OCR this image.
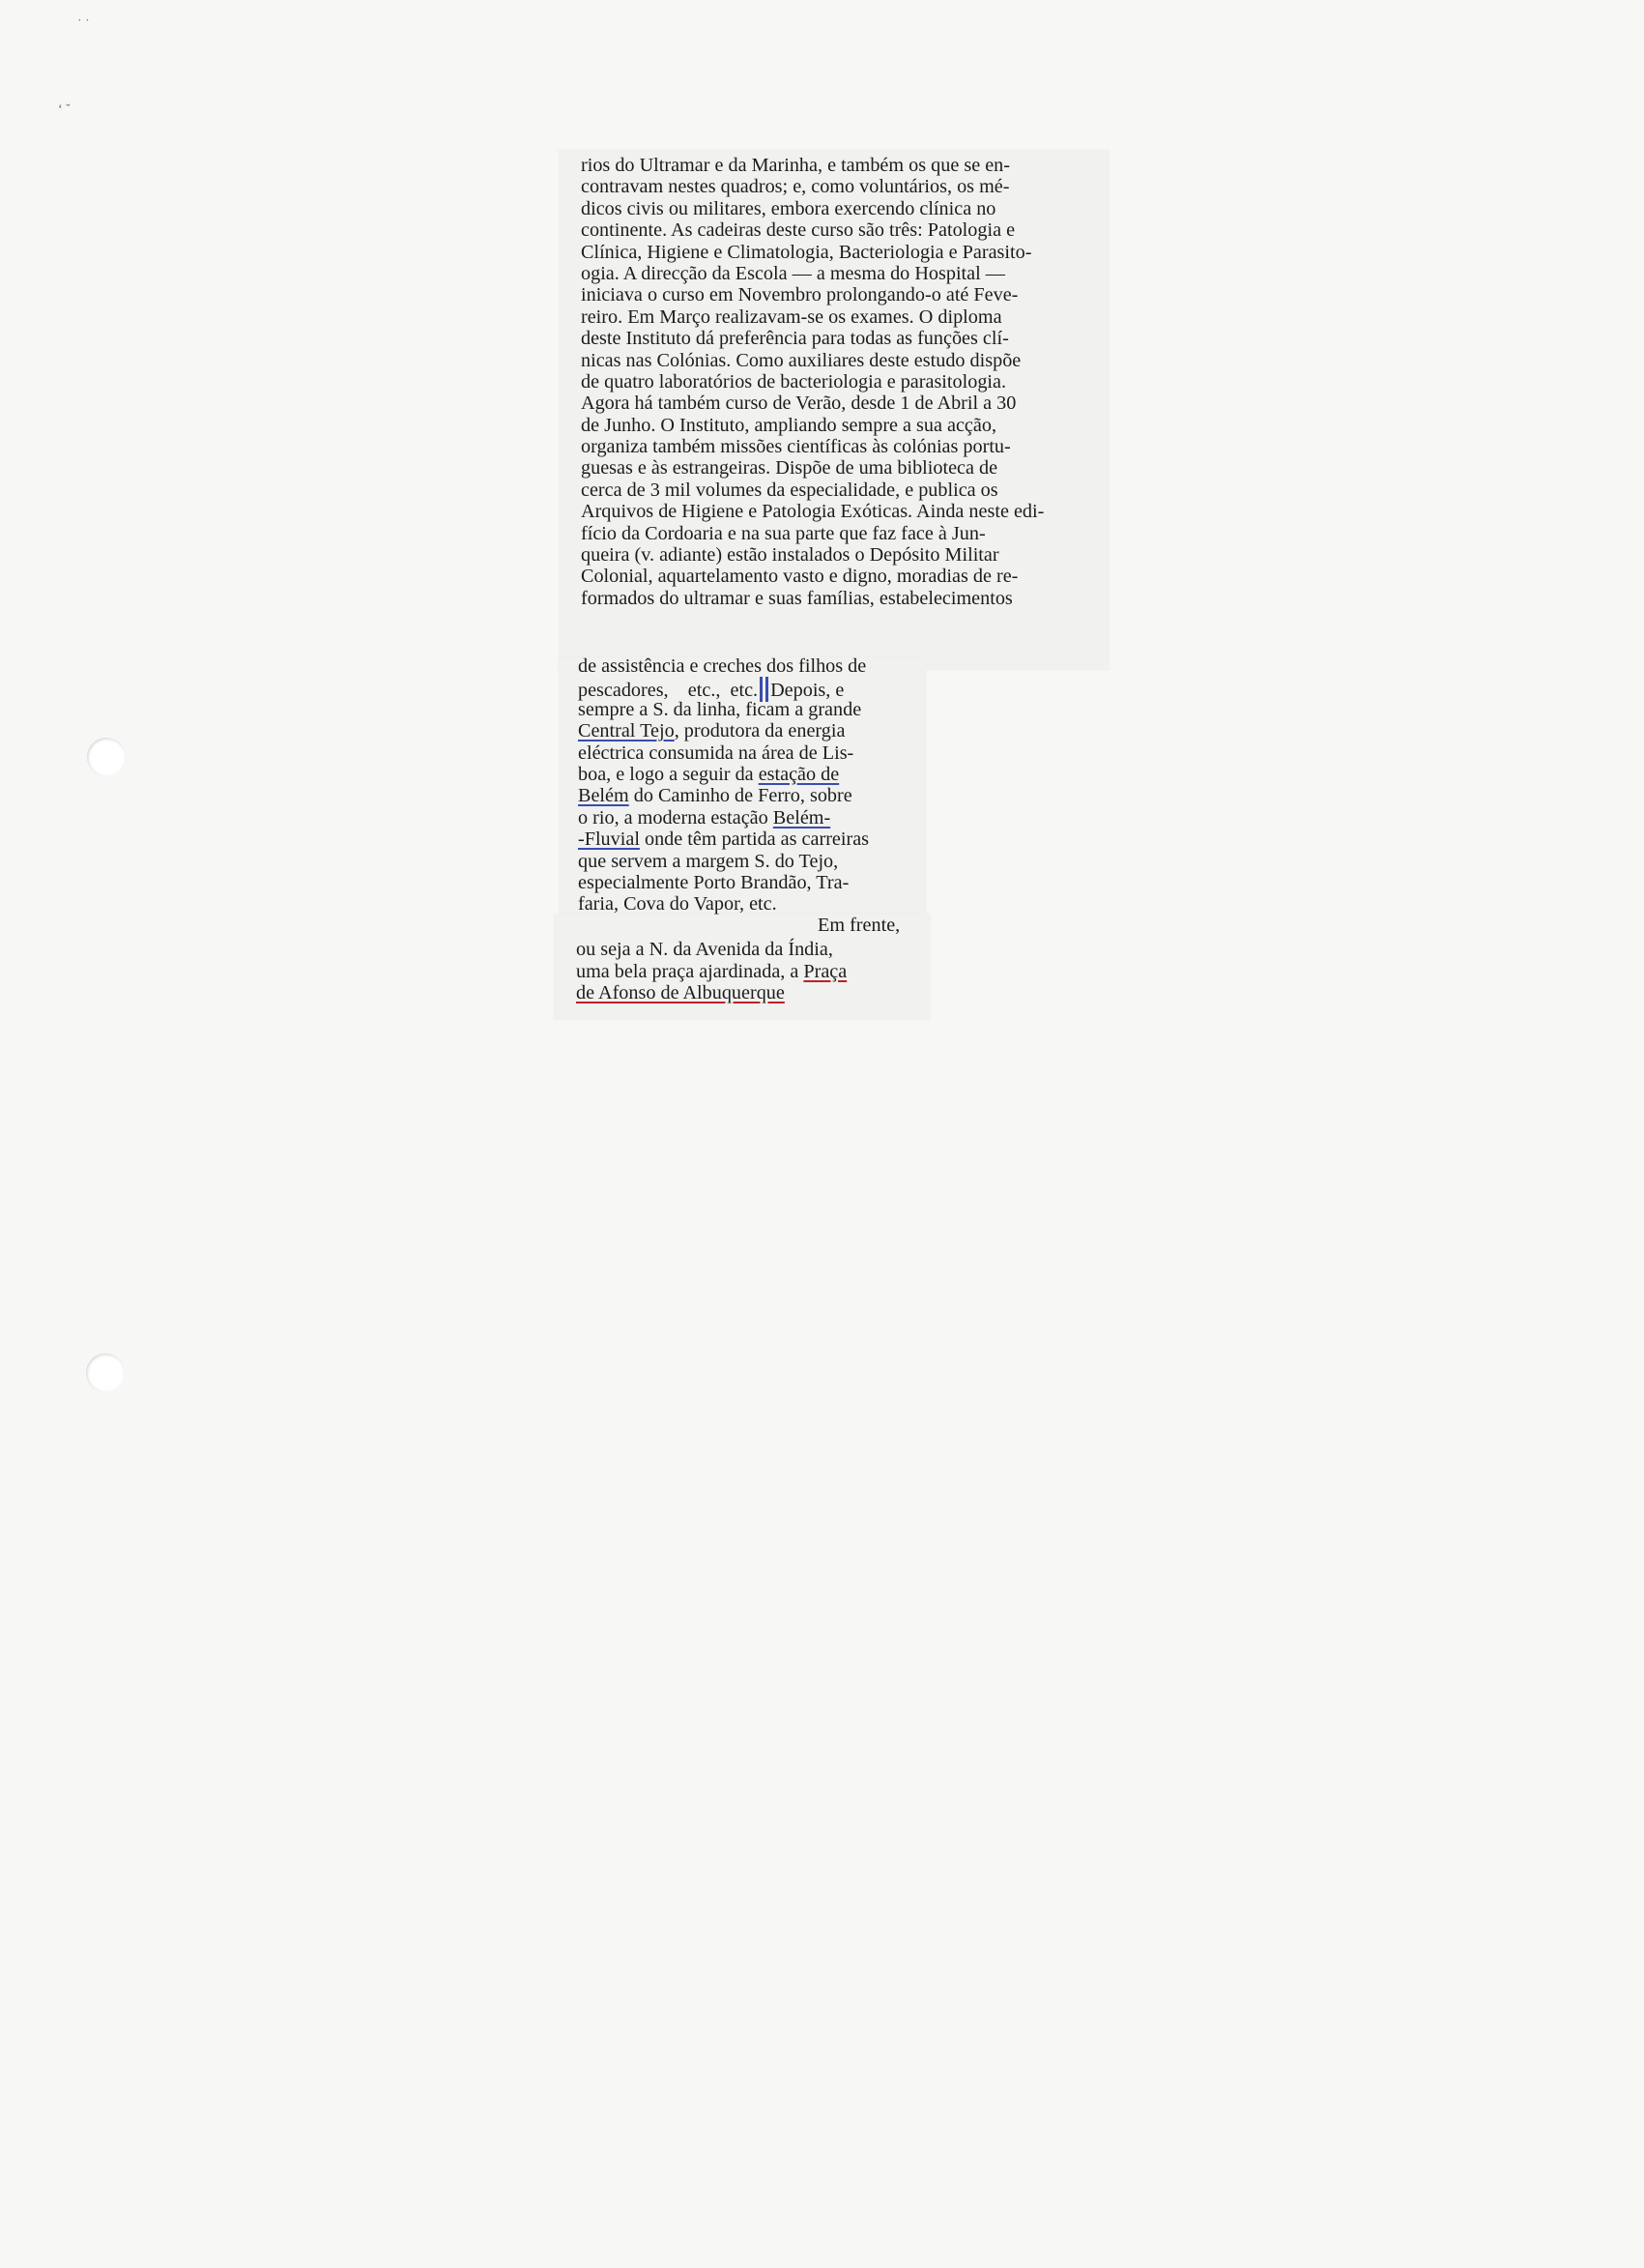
˙ ˙
‘ ˘
rios do Ultramar e da Marinha, e também os que se en-
contravam nestes quadros; e, como voluntários, os mé-
dicos civis ou militares, embora exercendo clínica no
continente. As cadeiras deste curso são três: Patologia e
Clínica, Higiene e Climatologia, Bacteriologia e Parasito-
ogia. A direcção da Escola — a mesma do Hospital —
iniciava o curso em Novembro prolongando-o até Feve-
reiro. Em Março realizavam-se os exames. O diploma
deste Instituto dá preferência para todas as funções clí-
nicas nas Colónias. Como auxiliares deste estudo dispõe
de quatro laboratórios de bacteriologia e parasitologia.
Agora há também curso de Verão, desde 1 de Abril a 30
de Junho. O Instituto, ampliando sempre a sua acção,
organiza também missões científicas às colónias portu-
guesas e às estrangeiras. Dispõe de uma biblioteca de
cerca de 3 mil volumes da especialidade, e publica os
Arquivos de Higiene e Patologia Exóticas. Ainda neste edi-
fício da Cordoaria e na sua parte que faz face à Jun-
queira (v. adiante) estão instalados o Depósito Militar
Colonial, aquartelamento vasto e digno, moradias de re-
formados do ultramar e suas famílias, estabelecimentos
de assistência e creches dos filhos de
pescadores, etc.,  etc. Depois, e
sempre a S. da linha, ficam a grande
Central Tejo, produtora da energia
eléctrica consumida na área de Lis-
boa, e logo a seguir da estação de
Belém do Caminho de Ferro, sobre
o rio, a moderna estação Belém-
-Fluvial onde têm partida as carreiras
que servem a margem S. do Tejo,
especialmente Porto Brandão, Tra-
faria, Cova do Vapor, etc.
Em frente,
ou seja a N. da Avenida da Índia,
uma bela praça ajardinada, a Praça
de Afonso de Albuquerque
